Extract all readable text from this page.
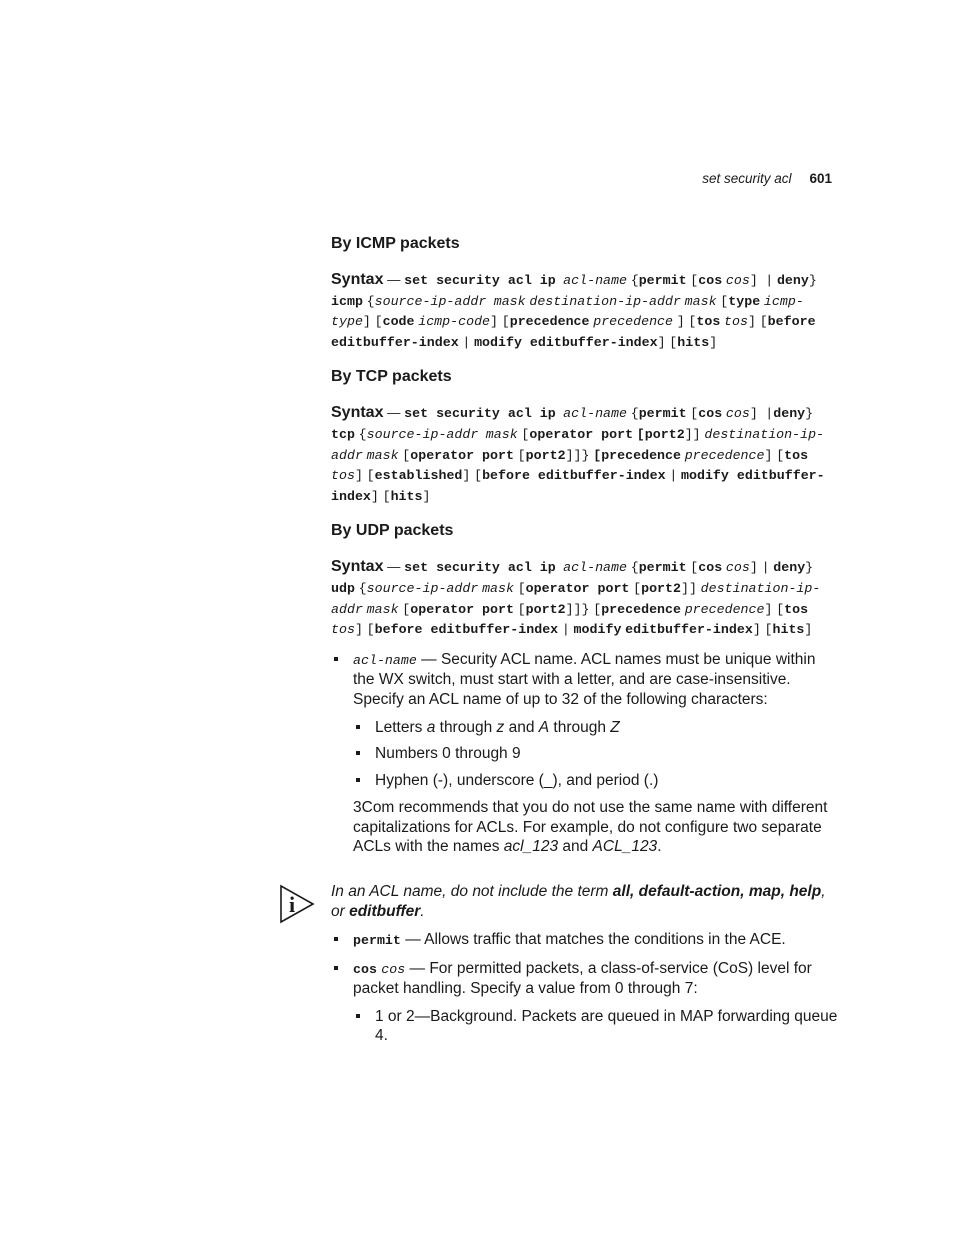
set security acl 601
By ICMP packets

Syntax — set security acl ip acl-name {permit [cos cos] | deny} icmp {source-ip-addr mask destination-ip-addr mask [type icmp-type] [code icmp-code] [precedence precedence ] [tos tos] [before editbuffer-index | modify editbuffer-index] [hits]

By TCP packets

Syntax — set security acl ip acl-name {permit [cos cos] |deny} tcp {source-ip-addr mask [operator port [port2]] destination-ip-addr mask [operator port [port2]]} [precedence precedence] [tos tos] [established] [before editbuffer-index | modify editbuffer-index] [hits]

By UDP packets

Syntax — set security acl ip acl-name {permit [cos cos] | deny} udp {source-ip-addr mask [operator port [port2]] destination-ip-addr mask [operator port [port2]]} [precedence precedence] [tos tos] [before editbuffer-index | modify editbuffer-index] [hits]

acl-name — Security ACL name. ACL names must be unique within the WX switch, must start with a letter, and are case-insensitive. Specify an ACL name of up to 32 of the following characters:
Letters a through z and A through Z
Numbers 0 through 9
Hyphen (-), underscore (_), and period (.)

3Com recommends that you do not use the same name with different capitalizations for ACLs. For example, do not configure two separate ACLs with the names acl_123 and ACL_123.

i

In an ACL name, do not include the term all, default-action, map, help, or editbuffer.

permit — Allows traffic that matches the conditions in the ACE.
cos cos — For permitted packets, a class-of-service (CoS) level for packet handling. Specify a value from 0 through 7:
1 or 2—Background. Packets are queued in MAP forwarding queue 4.
